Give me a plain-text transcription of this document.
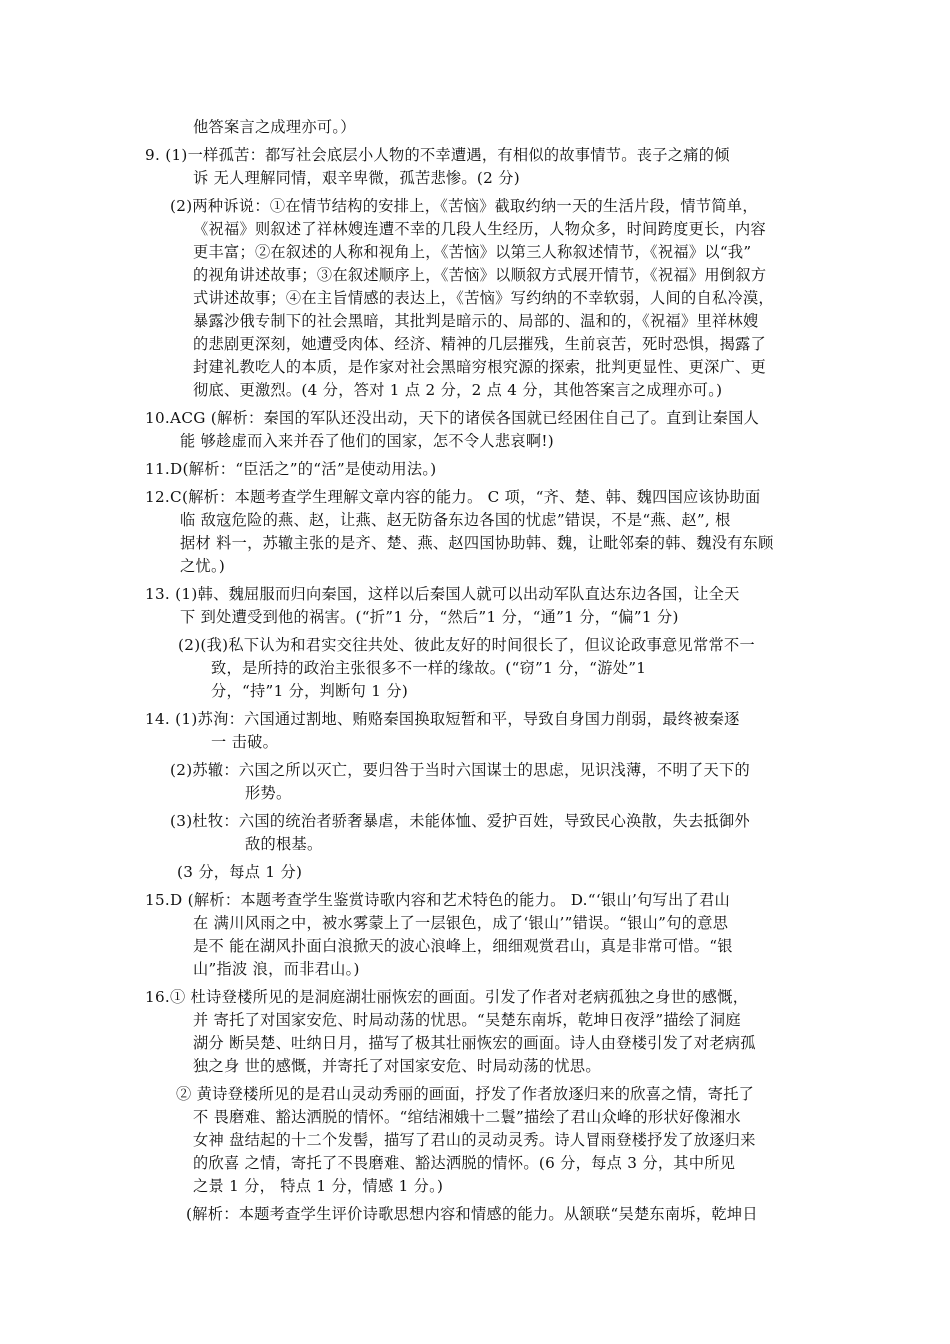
他答案言之成理亦可。）
9. (1)一样孤苦：都写社会底层小人物的不幸遭遇，有相似的故事情节。丧子之痛的倾
诉 无人理解同情，艰辛卑微，孤苦悲惨。(2 分)
(2)两种诉说：①在情节结构的安排上，《苦恼》截取约纳一天的生活片段，情节简单，
《祝福》则叙述了祥林嫂连遭不幸的几段人生经历，人物众多，时间跨度更长，内容
更丰富；②在叙述的人称和视角上，《苦恼》以第三人称叙述情节，《祝福》以“我”
的视角讲述故事；③在叙述顺序上，《苦恼》以顺叙方式展开情节，《祝福》用倒叙方
式讲述故事；④在主旨情感的表达上，《苦恼》写约纳的不幸软弱，人间的自私冷漠，
暴露沙俄专制下的社会黑暗，其批判是暗示的、局部的、温和的，《祝福》里祥林嫂
的悲剧更深刻，她遭受肉体、经济、精神的几层摧残，生前哀苦，死时恐惧，揭露了
封建礼教吃人的本质，是作家对社会黑暗穷根究源的探索，批判更显性、更深广、更
彻底、更激烈。(4 分，答对 1 点 2 分，2 点 4 分，其他答案言之成理亦可。)
10.ACG (解析：秦国的军队还没出动，天下的诸侯各国就已经困住自己了。直到让秦国人
能 够趁虚而入来并吞了他们的国家，怎不令人悲哀啊!)
11.D(解析：“臣活之”的“活”是使动用法。)
12.C(解析：本题考查学生理解文章内容的能力。 C 项，“齐、楚、韩、魏四国应该协助面
临 敌寇危险的燕、赵，让燕、赵无防备东边各国的忧虑”错误，不是“燕、赵”, 根
据材 料一，苏辙主张的是齐、楚、燕、赵四国协助韩、魏，让毗邻秦的韩、魏没有东顾
之忧。)
13. (1)韩、魏屈服而归向秦国，这样以后秦国人就可以出动军队直达东边各国，让全天
下 到处遭受到他的祸害。(“折”1 分，“然后”1 分，“通”1 分，“偏”1 分)
(2)(我)私下认为和君实交往共处、彼此友好的时间很长了，但议论政事意见常常不一
致，是所持的政治主张很多不一样的缘故。(“窃”1 分，“游处”1
分，“持”1 分，判断句 1 分)
14. (1)苏洵：六国通过割地、贿赂秦国换取短暂和平，导致自身国力削弱，最终被秦逐
一 击破。
(2)苏辙：六国之所以灭亡，要归咎于当时六国谋士的思虑，见识浅薄，不明了天下的
形势。
(3)杜牧：六国的统治者骄奢暴虐，未能体恤、爱护百姓，导致民心涣散，失去抵御外
敌的根基。
(3 分，每点 1 分)
15.D (解析：本题考查学生鉴赏诗歌内容和艺术特色的能力。 D.“‘银山’句写出了君山
在 满川风雨之中，被水雾蒙上了一层银色，成了‘银山’”错误。“银山”句的意思
是不 能在湖风扑面白浪掀天的波心浪峰上，细细观赏君山，真是非常可惜。“银
山”指波 浪，而非君山。)
16.① 杜诗登楼所见的是洞庭湖壮丽恢宏的画面。引发了作者对老病孤独之身世的感慨，
并 寄托了对国家安危、时局动荡的忧思。“吴楚东南坼，乾坤日夜浮”描绘了洞庭
湖分 断吴楚、吐纳日月，描写了极其壮丽恢宏的画面。诗人由登楼引发了对老病孤
独之身 世的感慨，并寄托了对国家安危、时局动荡的忧思。
② 黄诗登楼所见的是君山灵动秀丽的画面，抒发了作者放逐归来的欣喜之情，寄托了
不 畏磨难、豁达洒脱的情怀。“绾结湘娥十二鬟”描绘了君山众峰的形状好像湘水
女神 盘结起的十二个发髻，描写了君山的灵动灵秀。诗人冒雨登楼抒发了放逐归来
的欣喜 之情，寄托了不畏磨难、豁达洒脱的情怀。(6 分，每点 3 分，其中所见
之景 1 分， 特点 1 分，情感 1 分。)
(解析：本题考查学生评价诗歌思想内容和情感的能力。从颔联“吴楚东南坼，乾坤日
